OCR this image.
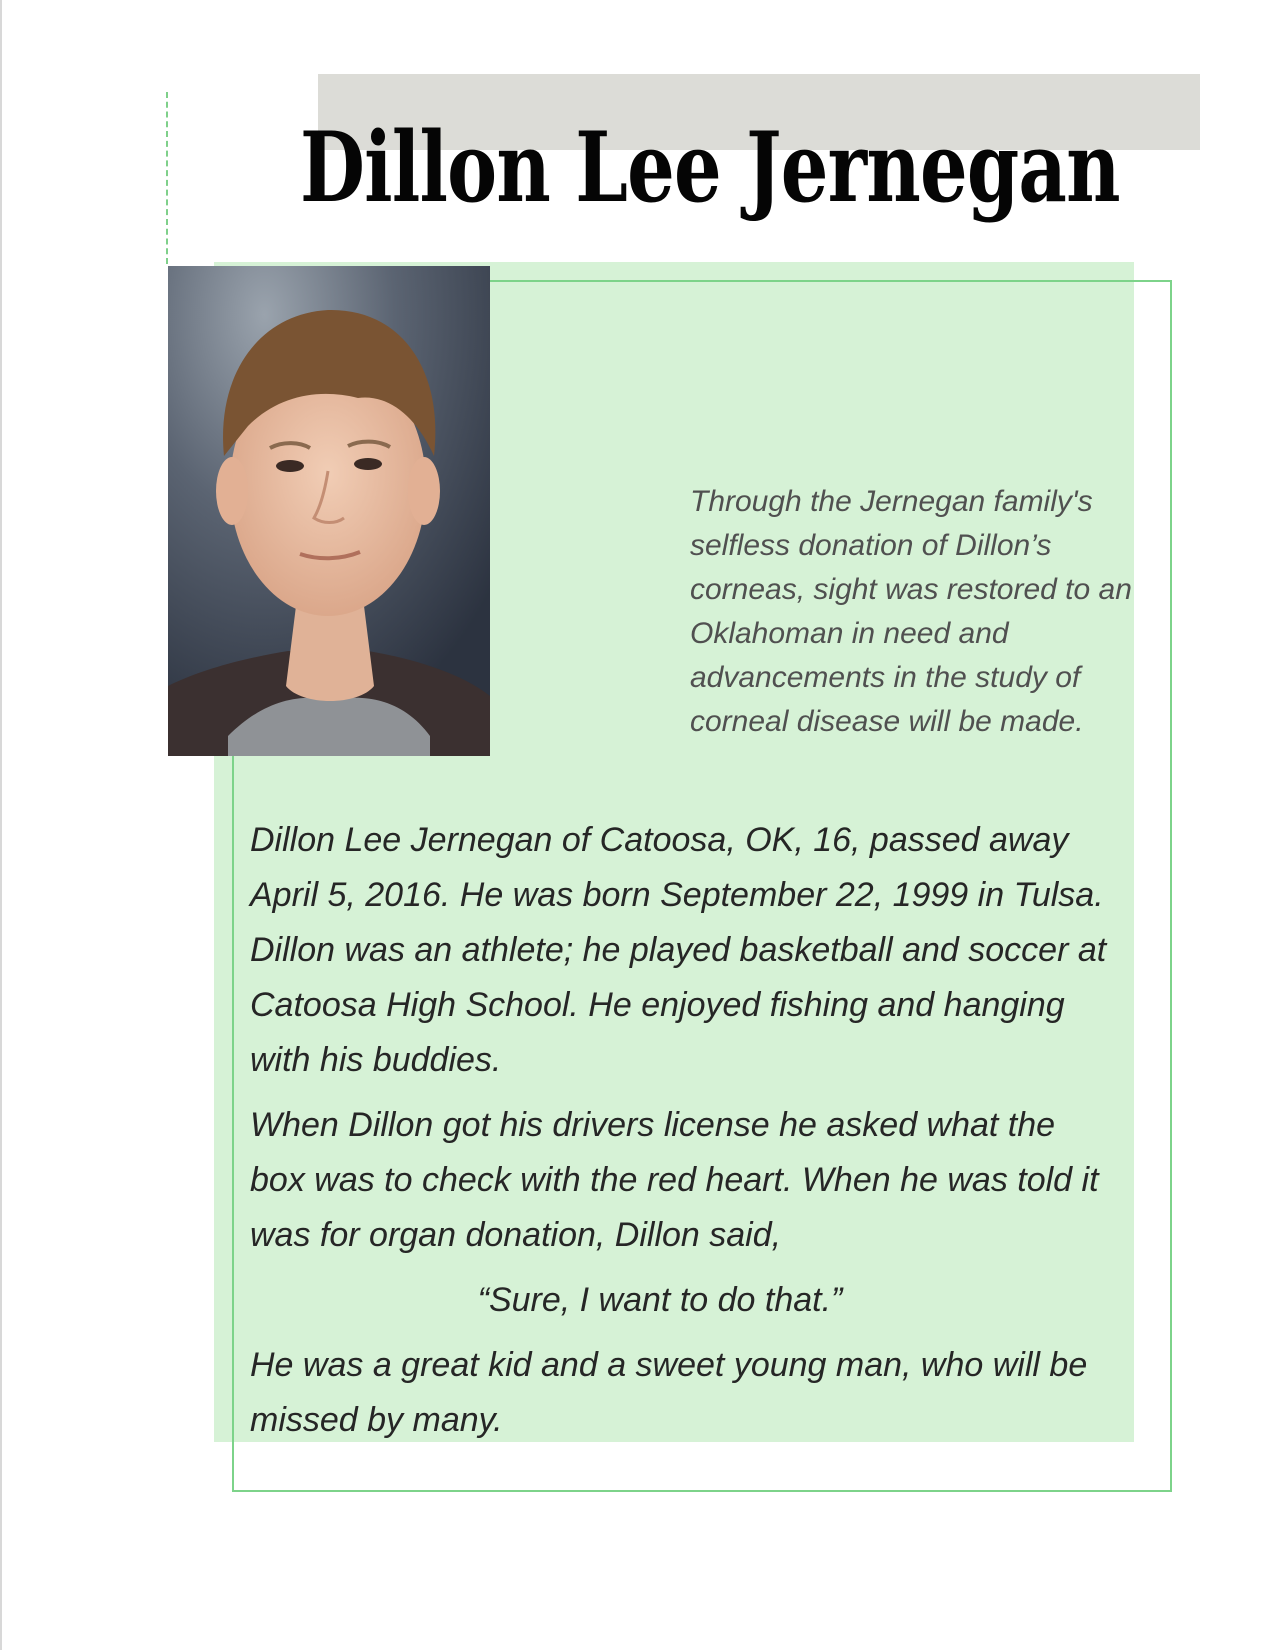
Dillon Lee Jernegan

Through the Jernegan family's selfless donation of Dillon’s corneas, sight was restored to an Oklahoman in need and advancements in the study of corneal disease will be made.

Dillon Lee Jernegan of Catoosa, OK, 16, passed away April 5, 2016. He was born September 22, 1999 in Tulsa. Dillon was an athlete; he played basketball and soccer at Catoosa High School. He enjoyed fishing and hanging with his buddies.

When Dillon got his drivers license he asked what the box was to check with the red heart. When he was told it was for organ donation, Dillon said,

“Sure, I want to do that.”

He was a great kid and a sweet young man, who will be missed by many.
